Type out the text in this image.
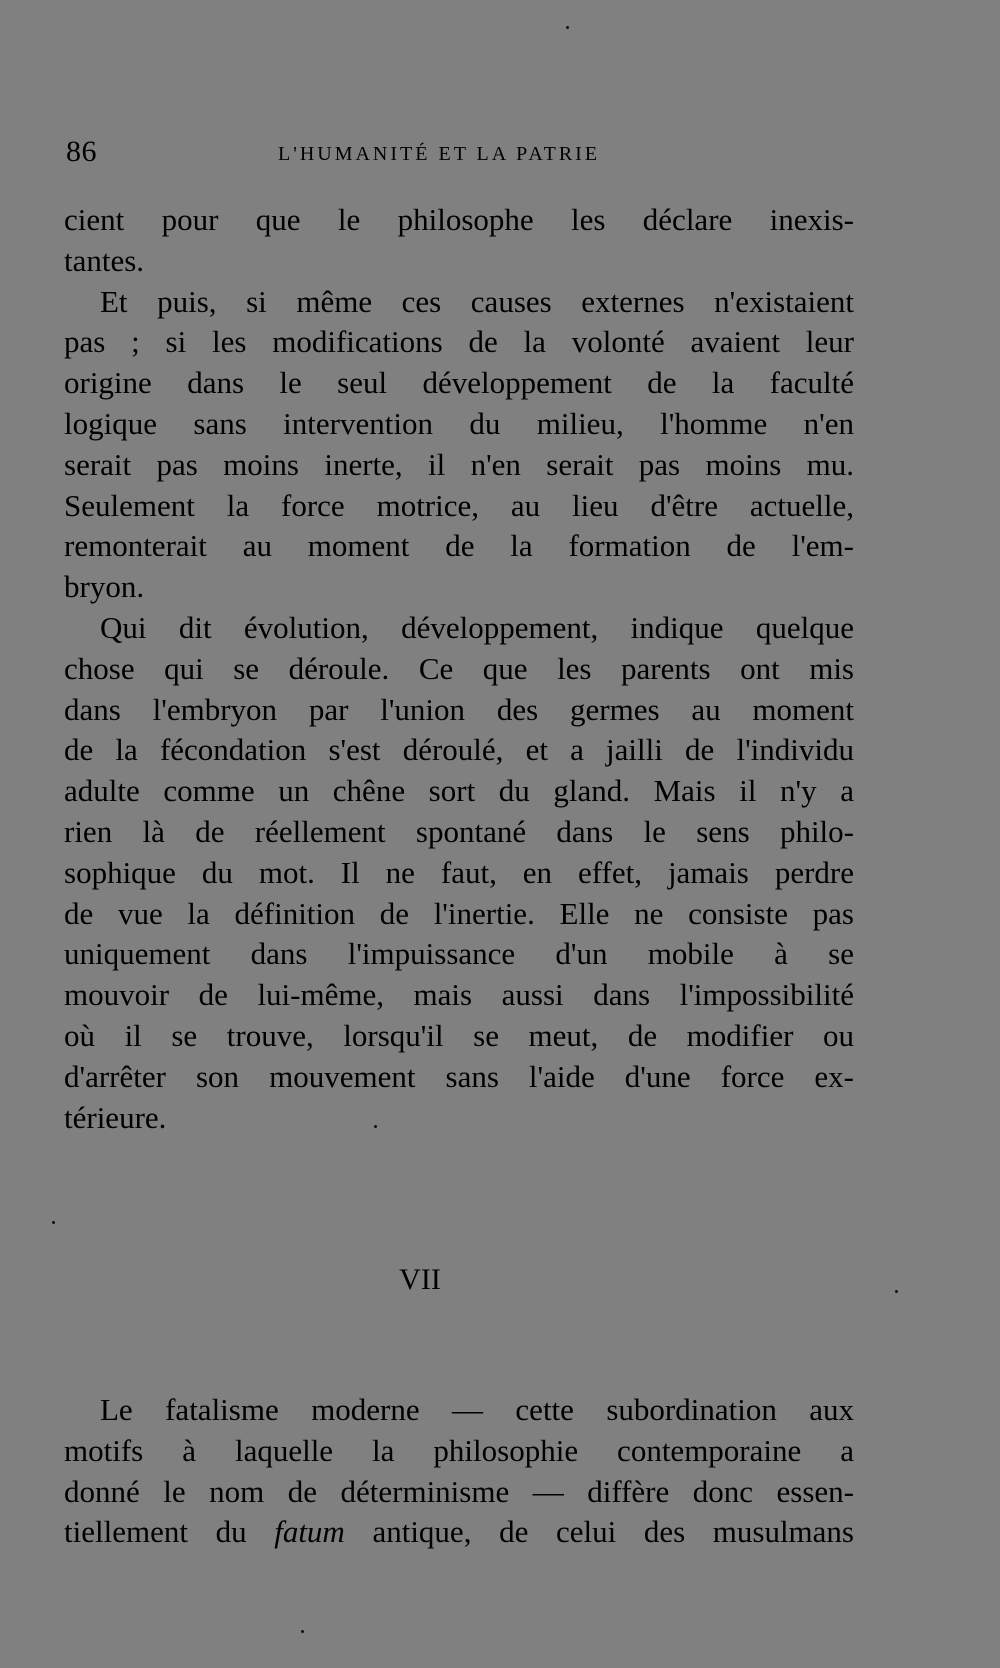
86	L'HUMANITÉ ET LA PATRIE
cient pour que le philosophe les déclare inexis-
tantes.
Et puis, si même ces causes externes n'existaient
pas ; si les modifications de la volonté avaient leur
origine dans le seul développement de la faculté
logique sans intervention du milieu, l'homme n'en
serait pas moins inerte, il n'en serait pas moins mu.
Seulement la force motrice, au lieu d'être actuelle,
remonterait au moment de la formation de l'em-
bryon.
Qui dit évolution, développement, indique quelque
chose qui se déroule. Ce que les parents ont mis
dans l'embryon par l'union des germes au moment
de la fécondation s'est déroulé, et a jailli de l'individu
adulte comme un chêne sort du gland. Mais il n'y a
rien là de réellement spontané dans le sens philo-
sophique du mot. Il ne faut, en effet, jamais perdre
de vue la définition de l'inertie. Elle ne consiste pas
uniquement dans l'impuissance d'un mobile à se
mouvoir de lui-même, mais aussi dans l'impossibilité
où il se trouve, lorsqu'il se meut, de modifier ou
d'arrêter son mouvement sans l'aide d'une force ex-
térieure.
VII
Le fatalisme moderne — cette subordination aux
motifs à laquelle la philosophie contemporaine a
donné le nom de déterminisme — diffère donc essen-
tiellement du fatum antique, de celui des musulmans
